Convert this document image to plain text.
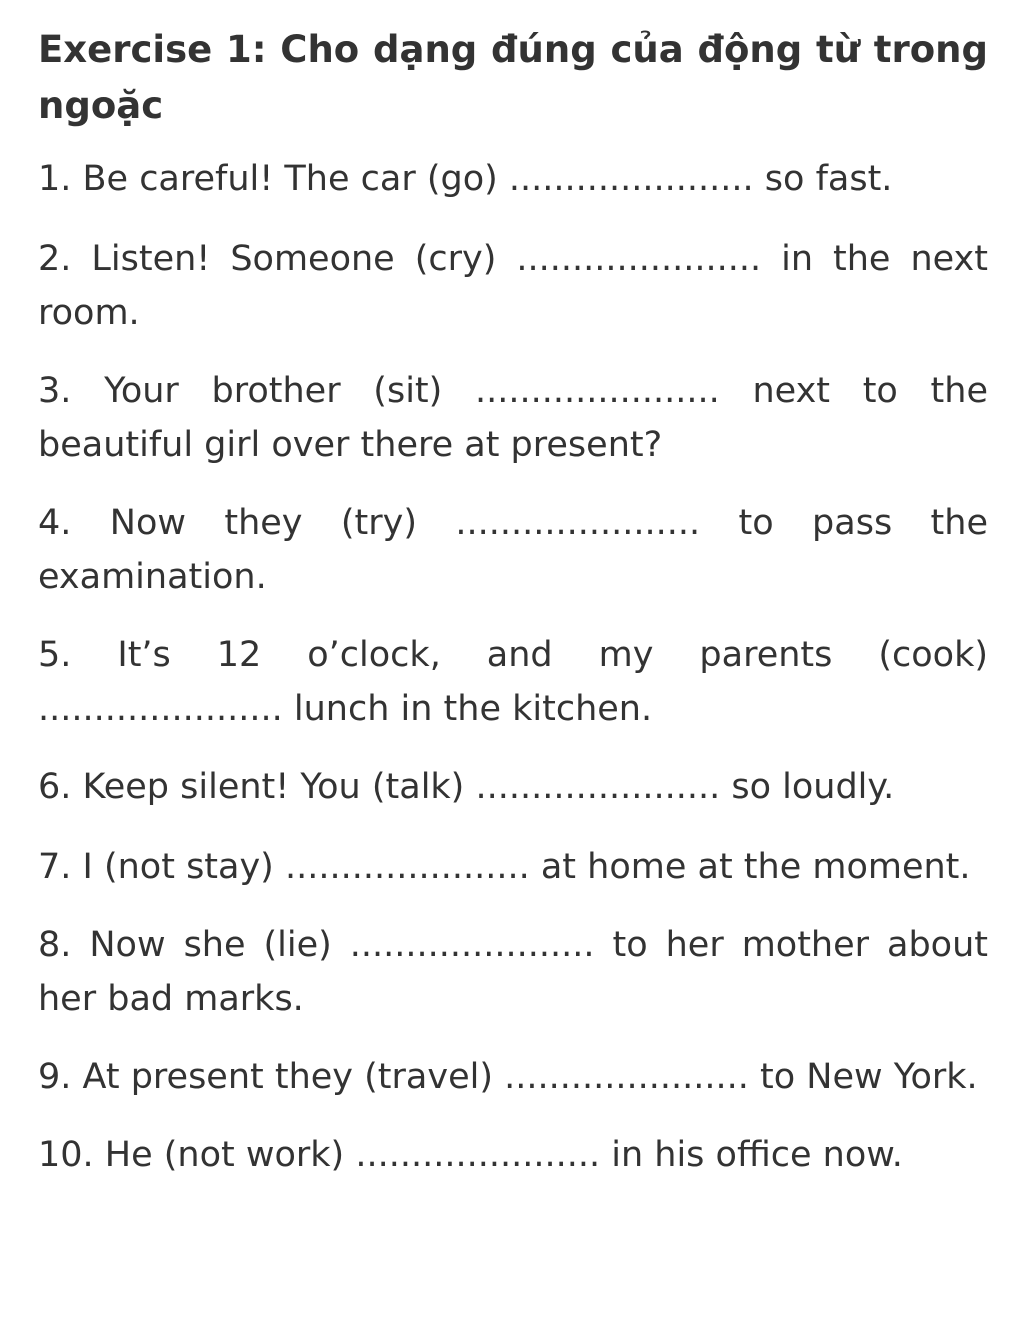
Exercise 1: Cho dạng đúng của động từ trong ngoặc
1. Be careful! The car (go) ...................... so fast.
2. Listen! Someone (cry) ...................... in the next room.
3. Your brother (sit) ...................... next to the beautiful girl over there at present?
4. Now they (try) ...................... to pass the examination.
5. It’s 12 o’clock, and my parents (cook) ...................... lunch in the kitchen.
6. Keep silent! You (talk) ...................... so loudly.
7. I (not stay) ...................... at home at the moment.
8. Now she (lie) ...................... to her mother about her bad marks.
9. At present they (travel) ...................... to New York.
10. He (not work) ...................... in his office now.
